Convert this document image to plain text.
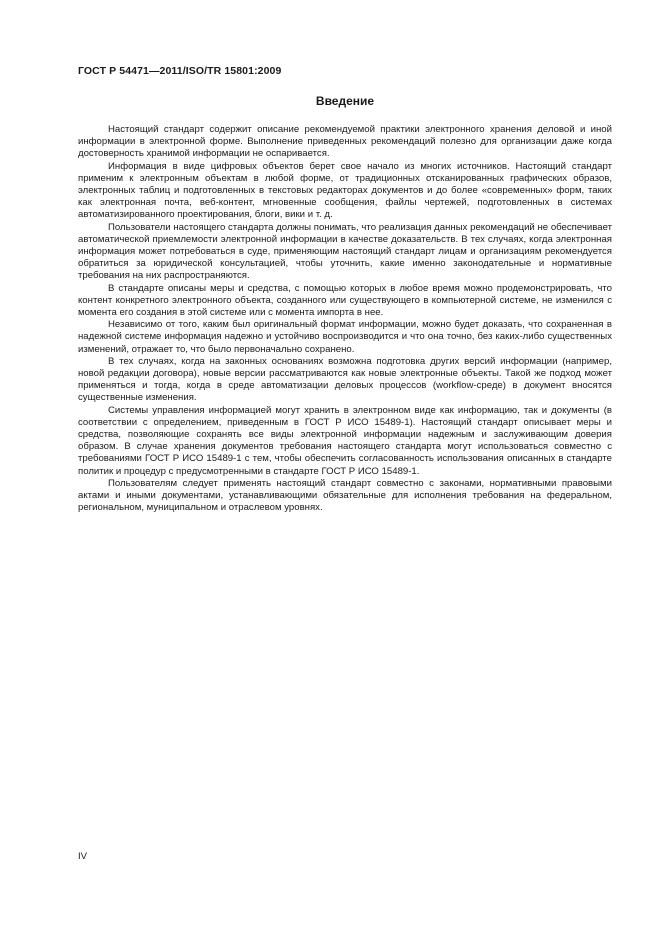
ГОСТ Р 54471—2011/ISO/TR 15801:2009
Введение

Настоящий стандарт содержит описание рекомендуемой практики электронного хранения деловой и иной информации в электронной форме. Выполнение приведенных рекомендаций полезно для организации даже когда достоверность хранимой информации не оспаривается.

Информация в виде цифровых объектов берет свое начало из многих источников. Настоящий стандарт применим к электронным объектам в любой форме, от традиционных отсканированных графических образов, электронных таблиц и подготовленных в текстовых редакторах документов и до более «современных» форм, таких как электронная почта, веб-контент, мгновенные сообщения, файлы чертежей, подготовленных в системах автоматизированного проектирования, блоги, вики и т. д.

Пользователи настоящего стандарта должны понимать, что реализация данных рекомендаций не обеспечивает автоматической приемлемости электронной информации в качестве доказательств. В тех случаях, когда электронная информация может потребоваться в суде, применяющим настоящий стандарт лицам и организациям рекомендуется обратиться за юридической консультацией, чтобы уточнить, какие именно законодательные и нормативные требования на них распространяются.

В стандарте описаны меры и средства, с помощью которых в любое время можно продемонстрировать, что контент конкретного электронного объекта, созданного или существующего в компьютерной системе, не изменился с момента его создания в этой системе или с момента импорта в нее.

Независимо от того, каким был оригинальный формат информации, можно будет доказать, что сохраненная в надежной системе информация надежно и устойчиво воспроизводится и что она точно, без каких-либо существенных изменений, отражает то, что было первоначально сохранено.

В тех случаях, когда на законных основаниях возможна подготовка других версий информации (например, новой редакции договора), новые версии рассматриваются как новые электронные объекты. Такой же подход может применяться и тогда, когда в среде автоматизации деловых процессов (workflow-среде) в документ вносятся существенные изменения.

Системы управления информацией могут хранить в электронном виде как информацию, так и документы (в соответствии с определением, приведенным в ГОСТ Р ИСО 15489-1). Настоящий стандарт описывает меры и средства, позволяющие сохранять все виды электронной информации надежным и заслуживающим доверия образом. В случае хранения документов требования настоящего стандарта могут использоваться совместно с требованиями ГОСТ Р ИСО 15489-1 с тем, чтобы обеспечить согласованность использования описанных в стандарте политик и процедур с предусмотренными в стандарте ГОСТ Р ИСО 15489-1.

Пользователям следует применять настоящий стандарт совместно с законами, нормативными правовыми актами и иными документами, устанавливающими обязательные для исполнения требования на федеральном, региональном, муниципальном и отраслевом уровнях.

IV
